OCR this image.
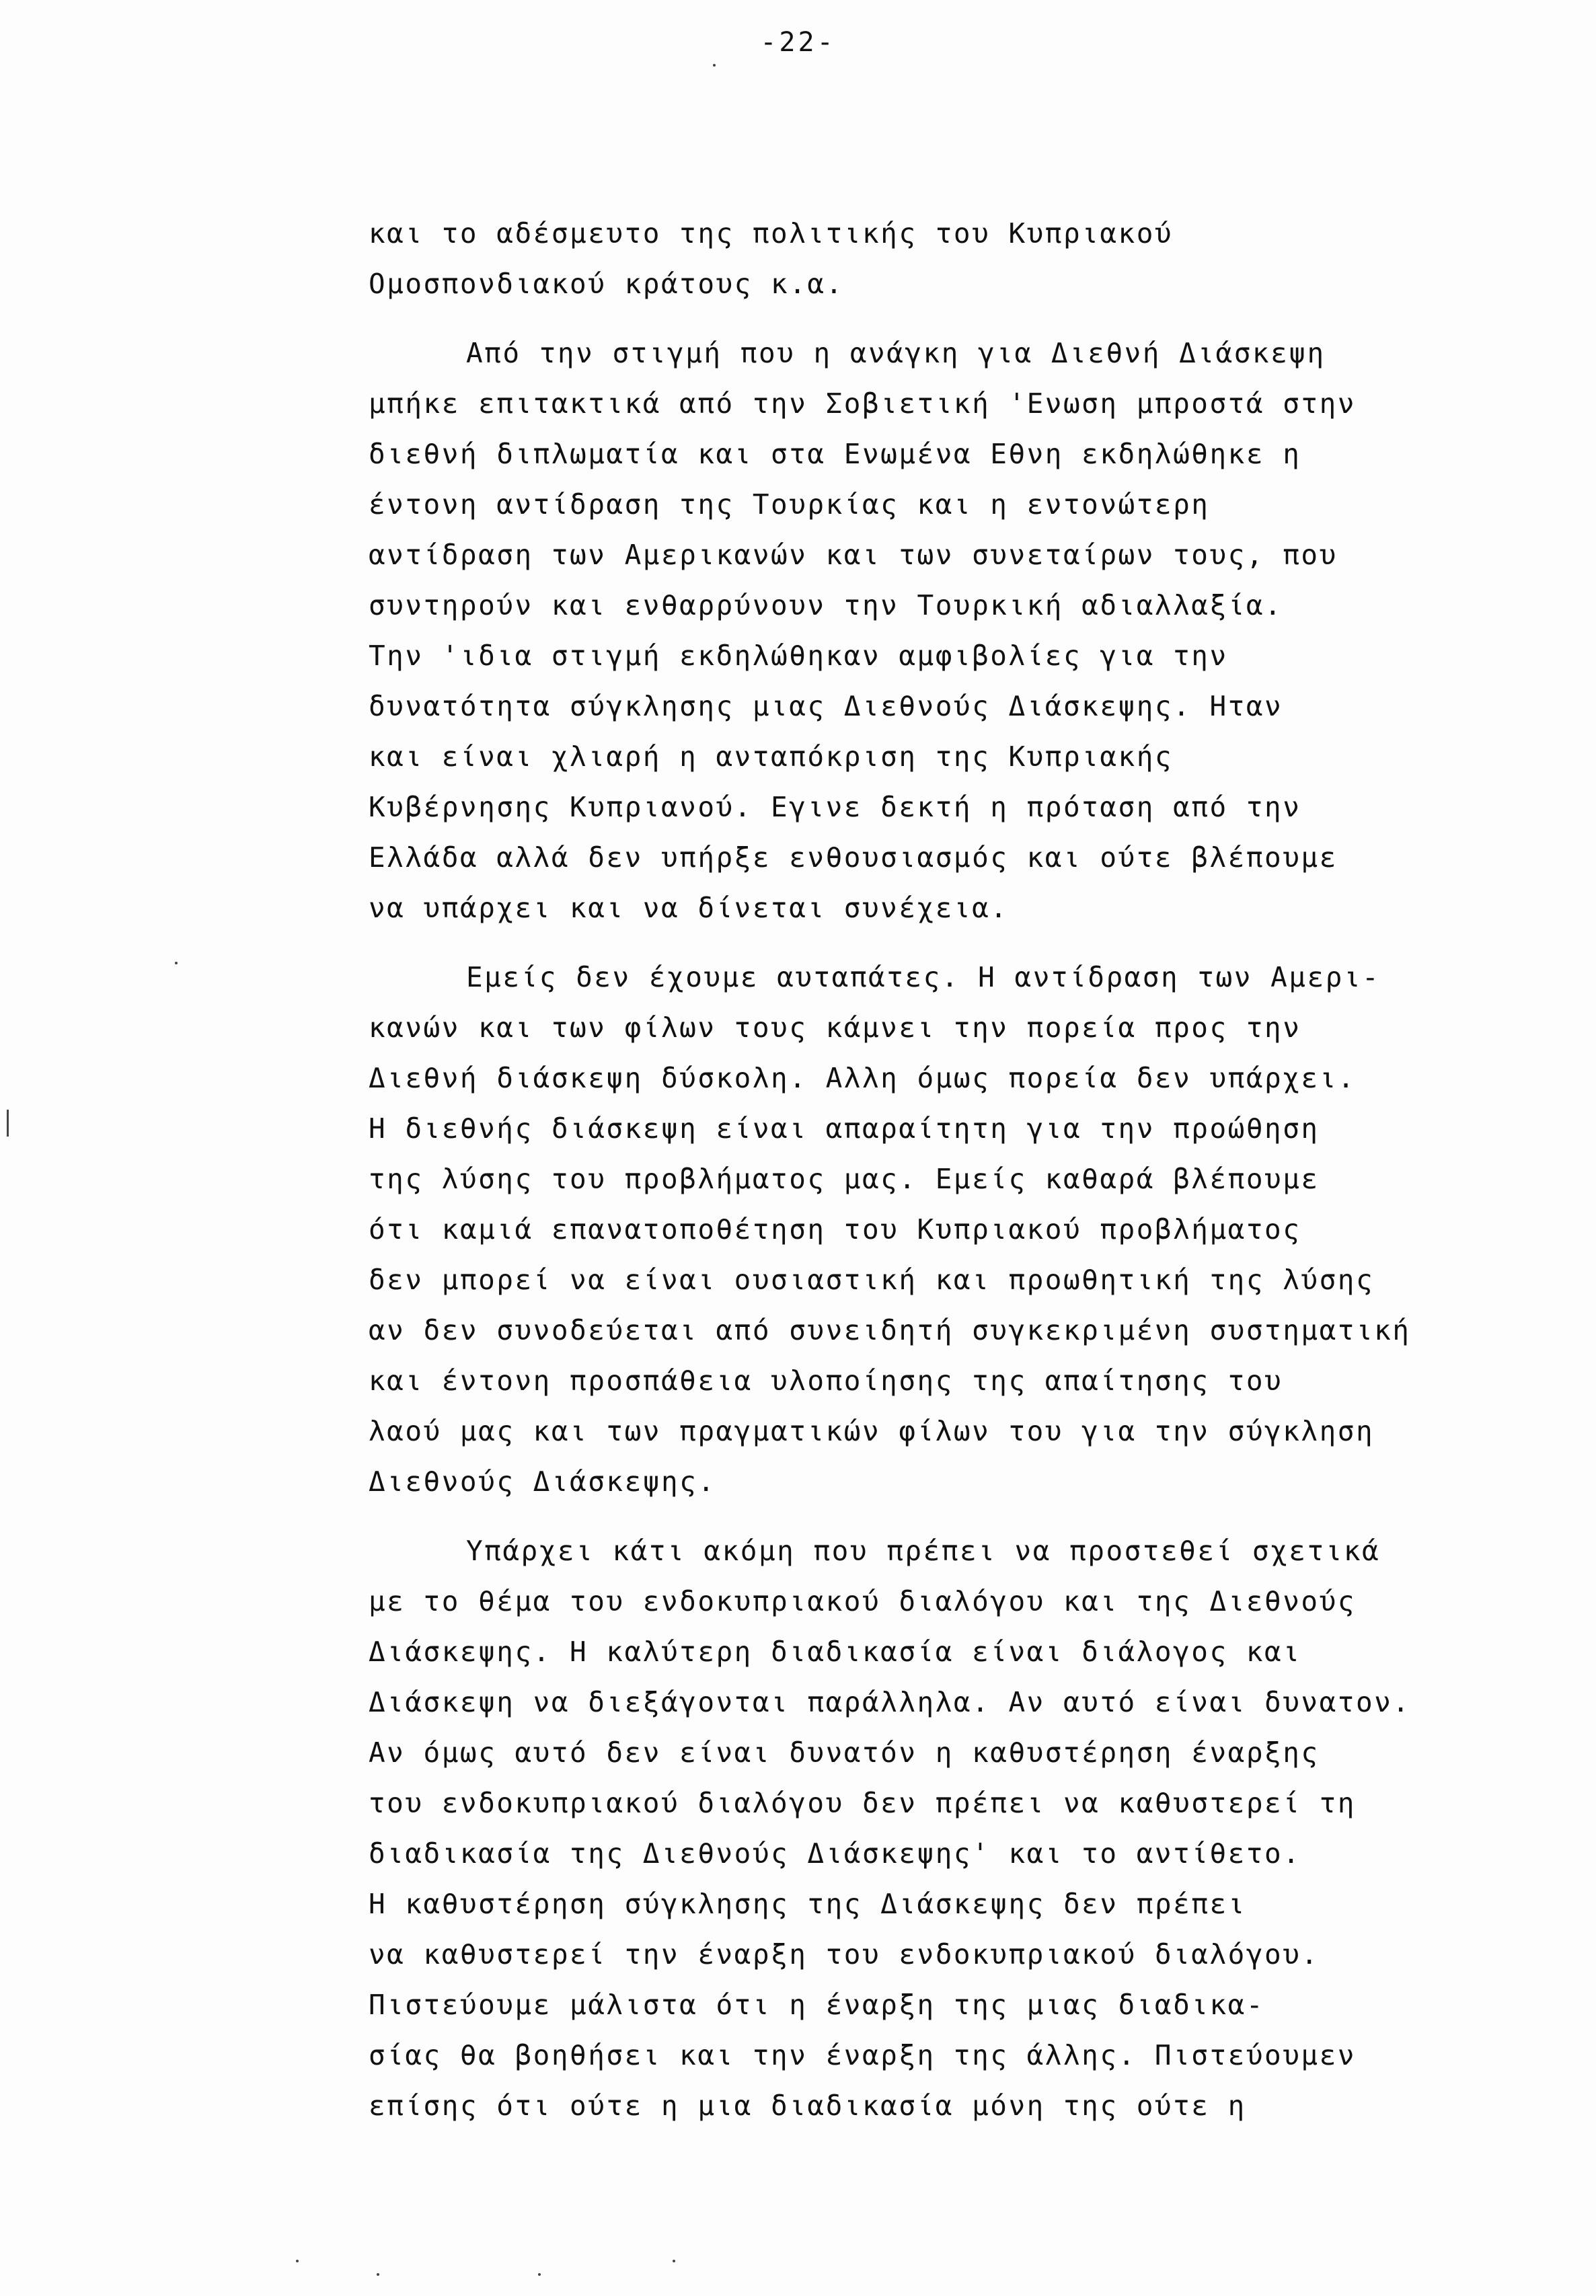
-22-
και το αδέσμευτο της πολιτικής του Κυπριακού
Ομοσπονδιακού κράτους κ.α.
Από την στιγμή που η ανάγκη για Διεθνή Διάσκεψη
μπήκε επιτακτικά από την Σοβιετική 'Ενωση μπροστά στην
διεθνή διπλωματία και στα Ενωμένα Εθνη εκδηλώθηκε η
έντονη αντίδραση της Τουρκίας και η εντονώτερη
αντίδραση των Αμερικανών και των συνεταίρων τους, που
συντηρούν και ενθαρρύνουν την Τουρκική αδιαλλαξία.
Την 'ιδια στιγμή εκδηλώθηκαν αμφιβολίες για την
δυνατότητα σύγκλησης μιας Διεθνούς Διάσκεψης. Ηταν
και είναι χλιαρή η ανταπόκριση της Κυπριακής
Κυβέρνησης Κυπριανού. Εγινε δεκτή η πρόταση από την
Ελλάδα αλλά δεν υπήρξε ενθουσιασμός και ούτε βλέπουμε
να υπάρχει και να δίνεται συνέχεια.
Εμείς δεν έχουμε αυταπάτες. Η αντίδραση των Αμερι-
κανών και των φίλων τους κάμνει την πορεία προς την
Διεθνή διάσκεψη δύσκολη. Αλλη όμως πορεία δεν υπάρχει.
Η διεθνής διάσκεψη είναι απαραίτητη για την προώθηση
της λύσης του προβλήματος μας. Εμείς καθαρά βλέπουμε
ότι καμιά επανατοποθέτηση του Κυπριακού προβλήματος
δεν μπορεί να είναι ουσιαστική και προωθητική της λύσης
αν δεν συνοδεύεται από συνειδητή συγκεκριμένη συστηματική
και έντονη προσπάθεια υλοποίησης της απαίτησης του
λαού μας και των πραγματικών φίλων του για την σύγκληση
Διεθνούς Διάσκεψης.
Υπάρχει κάτι ακόμη που πρέπει να προστεθεί σχετικά
με το θέμα του ενδοκυπριακού διαλόγου και της Διεθνούς
Διάσκεψης. Η καλύτερη διαδικασία είναι διάλογος και
Διάσκεψη να διεξάγονται παράλληλα. Αν αυτό είναι δυνατον.
Αν όμως αυτό δεν είναι δυνατόν η καθυστέρηση έναρξης
του ενδοκυπριακού διαλόγου δεν πρέπει να καθυστερεί τη
διαδικασία της Διεθνούς Διάσκεψης' και το αντίθετο.
Η καθυστέρηση σύγκλησης της Διάσκεψης δεν πρέπει
να καθυστερεί την έναρξη του ενδοκυπριακού διαλόγου.
Πιστεύουμε μάλιστα ότι η έναρξη της μιας διαδικα-
σίας θα βοηθήσει και την έναρξη της άλλης. Πιστεύουμεν
επίσης ότι ούτε η μια διαδικασία μόνη της ούτε η
